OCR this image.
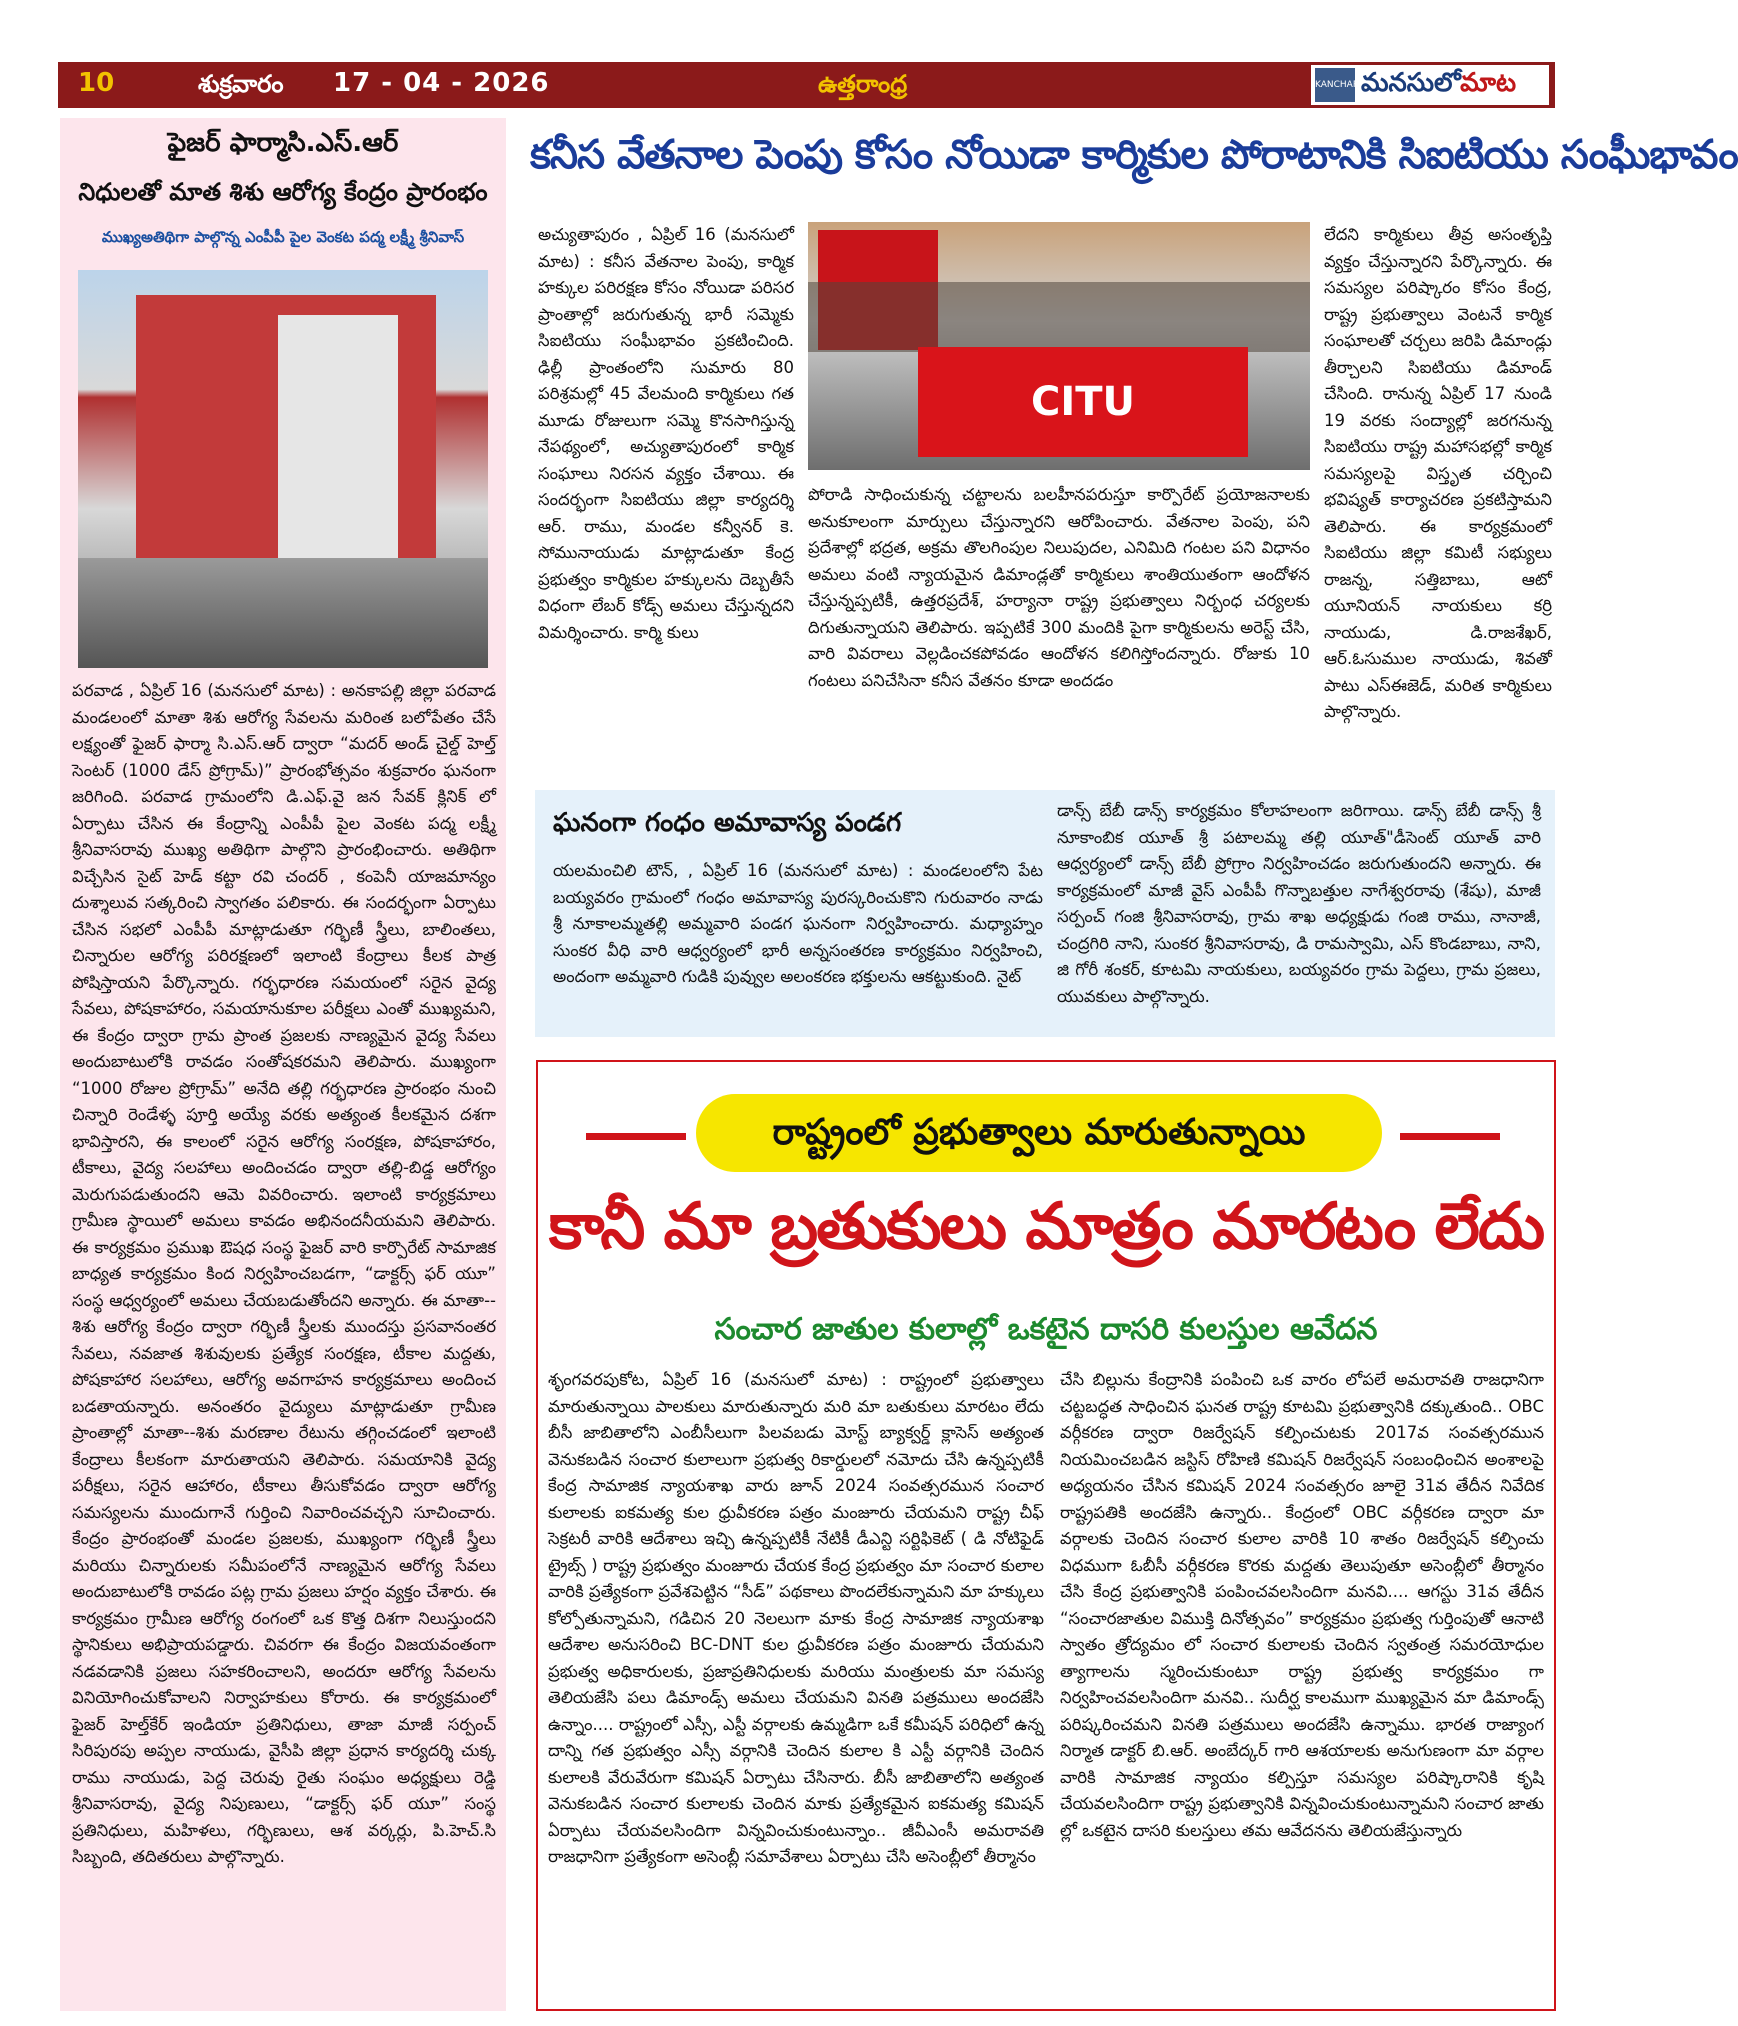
10	శుక్రవారం 17 - 04 - 2026	ఉత్తరాంధ్ర	KANCHARLA
మనసులోమాట
ఫైజర్ ఫార్మాసి.ఎస్.ఆర్
నిధులతో మాత శిశు ఆరోగ్య కేంద్రం ప్రారంభం
ముఖ్యఅతిథిగా పాల్గొన్న ఎంపీపీ పైల వెంకట పద్మ లక్ష్మీ శ్రీనివాస్
పరవాడ , ఏప్రిల్ 16 (మనసులో మాట) : అనకాపల్లి జిల్లా పరవాడ మండలంలో మాతా శిశు ఆరోగ్య సేవలను మరింత బలోపేతం చేసే లక్ష్యంతో ఫైజర్ ఫార్మా సి.ఎస్.ఆర్ ద్వారా “మదర్ అండ్ చైల్డ్ హెల్త్ సెంటర్ (1000 డేస్ ప్రోగ్రామ్)” ప్రారంభోత్సవం శుక్రవారం ఘనంగా జరిగింది. పరవాడ గ్రామంలోని డి.ఎఫ్.వై జన సేవక్ క్లినిక్ లో ఏర్పాటు చేసిన ఈ కేంద్రాన్ని ఎంపీపీ పైల వెంకట పద్మ లక్ష్మీ శ్రీనివాసరావు ముఖ్య అతిథిగా పాల్గొని ప్రారంభించారు. అతిథిగా విచ్చేసిన సైట్ హెడ్ కట్టా రవి చందర్ , కంపెనీ యాజమాన్యం దుశ్శాలువ సత్కరించి స్వాగతం పలికారు. ఈ సందర్భంగా ఏర్పాటు చేసిన సభలో ఎంపీపీ మాట్లాడుతూ గర్భిణీ స్త్రీలు, బాలింతలు, చిన్నారుల ఆరోగ్య పరిరక్షణలో ఇలాంటి కేంద్రాలు కీలక పాత్ర పోషిస్తాయని పేర్కొన్నారు. గర్భధారణ సమయంలో సరైన వైద్య సేవలు, పోషకాహారం, సమయానుకూల పరీక్షలు ఎంతో ముఖ్యమని, ఈ కేంద్రం ద్వారా గ్రామ ప్రాంత ప్రజలకు నాణ్యమైన వైద్య సేవలు అందుబాటులోకి రావడం సంతోషకరమని తెలిపారు. ముఖ్యంగా “1000 రోజుల ప్రోగ్రామ్” అనేది తల్లి గర్భధారణ ప్రారంభం నుంచి చిన్నారి రెండేళ్ళ పూర్తి అయ్యే వరకు అత్యంత కీలకమైన దశగా భావిస్తారని, ఈ కాలంలో సరైన ఆరోగ్య సంరక్షణ, పోషకాహారం, టీకాలు, వైద్య సలహాలు అందించడం ద్వారా తల్లి-బిడ్డ ఆరోగ్యం మెరుగుపడుతుందని ఆమె వివరించారు. ఇలాంటి కార్యక్రమాలు గ్రామీణ స్థాయిలో అమలు కావడం అభినందనీయమని తెలిపారు. ఈ కార్యక్రమం ప్రముఖ ఔషధ సంస్థ ఫైజర్ వారి కార్పొరేట్ సామాజిక బాధ్యత కార్యక్రమం కింద నిర్వహించబడగా, “డాక్టర్స్ ఫర్ యూ” సంస్థ ఆధ్వర్యంలో అమలు చేయబడుతోందని అన్నారు. ఈ మాతా--శిశు ఆరోగ్య కేంద్రం ద్వారా గర్భిణీ స్త్రీలకు ముందస్తు ప్రసవానంతర సేవలు, నవజాత శిశువులకు ప్రత్యేక సంరక్షణ, టీకాల మద్దతు, పోషకాహార సలహాలు, ఆరోగ్య అవగాహన కార్యక్రమాలు అందించ బడతాయన్నారు. అనంతరం వైద్యులు మాట్లాడుతూ గ్రామీణ ప్రాంతాల్లో మాతా--శిశు మరణాల రేటును తగ్గించడంలో ఇలాంటి కేంద్రాలు కీలకంగా మారుతాయని తెలిపారు. సమయానికి వైద్య పరీక్షలు, సరైన ఆహారం, టీకాలు తీసుకోవడం ద్వారా ఆరోగ్య సమస్యలను ముందుగానే గుర్తించి నివారించవచ్చని సూచించారు. కేంద్రం ప్రారంభంతో మండల ప్రజలకు, ముఖ్యంగా గర్భిణీ స్త్రీలు మరియు చిన్నారులకు సమీపంలోనే నాణ్యమైన ఆరోగ్య సేవలు అందుబాటులోకి రావడం పట్ల గ్రామ ప్రజలు హర్షం వ్యక్తం చేశారు. ఈ కార్యక్రమం గ్రామీణ ఆరోగ్య రంగంలో ఒక కొత్త దిశగా నిలుస్తుందని స్థానికులు అభిప్రాయపడ్డారు. చివరగా ఈ కేంద్రం విజయవంతంగా నడవడానికి ప్రజలు సహకరించాలని, అందరూ ఆరోగ్య సేవలను వినియోగించుకోవాలని నిర్వాహకులు కోరారు. ఈ కార్యక్రమంలో ఫైజర్ హెల్త్‌కేర్ ఇండియా ప్రతినిధులు, తాజా మాజీ సర్పంచ్ సిరిపురపు అప్పల నాయుడు, వైసీపి జిల్లా ప్రధాన కార్యదర్శి చుక్క రాము నాయుడు, పెద్ద చెరువు రైతు సంఘం అధ్యక్షులు రెడ్డి శ్రీనివాసరావు, వైద్య నిపుణులు, “డాక్టర్స్ ఫర్ యూ” సంస్థ ప్రతినిధులు, మహిళలు, గర్భిణులు, ఆశ వర్కర్లు, పి.హెచ్.సి సిబ్బంది, తదితరులు పాల్గొన్నారు.
కనీస వేతనాల పెంపు కోసం నోయిడా కార్మికుల పోరాటానికి సిఐటియు సంఘీభావం
అచ్యుతాపురం , ఏప్రిల్ 16 (మనసులో మాట) : కనీస వేతనాల పెంపు, కార్మిక హక్కుల పరిరక్షణ కోసం నోయిడా పరిసర ప్రాంతాల్లో జరుగుతున్న భారీ సమ్మెకు సిఐటియు సంఘీభావం ప్రకటించింది. ఢిల్లీ ప్రాంతంలోని సుమారు 80 పరిశ్రమల్లో 45 వేలమంది కార్మికులు గత మూడు రోజులుగా సమ్మె కొనసాగిస్తున్న నేపథ్యంలో, అచ్యుతాపురంలో కార్మిక సంఘాలు నిరసన వ్యక్తం చేశాయి. ఈ సందర్భంగా సిఐటియు జిల్లా కార్యదర్శి ఆర్. రాము, మండల కన్వీనర్ కె. సోమునాయుడు మాట్లాడుతూ కేంద్ర ప్రభుత్వం కార్మికుల హక్కులను దెబ్బతీసే విధంగా లేబర్ కోడ్స్ అమలు చేస్తున్నదని విమర్శించారు. కార్మి కులు
CITU
పోరాడి సాధించుకున్న చట్టాలను బలహీనపరుస్తూ కార్పొరేట్ ప్రయోజనాలకు అనుకూలంగా మార్పులు చేస్తున్నారని ఆరోపించారు. వేతనాల పెంపు, పని ప్రదేశాల్లో భద్రత, అక్రమ తొలగింపుల నిలుపుదల, ఎనిమిది గంటల పని విధానం అమలు వంటి న్యాయమైన డిమాండ్లతో కార్మికులు శాంతియుతంగా ఆందోళన చేస్తున్నప్పటికీ, ఉత్తరప్రదేశ్, హర్యానా రాష్ట్ర ప్రభుత్వాలు నిర్బంధ చర్యలకు దిగుతున్నాయని తెలిపారు. ఇప్పటికే 300 మందికి పైగా కార్మికులను అరెస్ట్ చేసి, వారి వివరాలు వెల్లడించకపోవడం ఆందోళన కలిగిస్తోందన్నారు. రోజుకు 10 గంటలు పనిచేసినా కనీస వేతనం కూడా అందడం
లేదని కార్మికులు తీవ్ర అసంతృప్తి వ్యక్తం చేస్తున్నారని పేర్కొన్నారు. ఈ సమస్యల పరిష్కారం కోసం కేంద్ర, రాష్ట్ర ప్రభుత్వాలు వెంటనే కార్మిక సంఘాలతో చర్చలు జరిపి డిమాండ్లు తీర్చాలని సిఐటియు డిమాండ్ చేసింది. రానున్న ఏప్రిల్ 17 నుండి 19 వరకు సంద్యాల్లో జరగనున్న సిఐటియు రాష్ట్ర మహాసభల్లో కార్మిక సమస్యలపై విస్తృత చర్చించి భవిష్యత్ కార్యాచరణ ప్రకటిస్తామని తెలిపారు. ఈ కార్యక్రమంలో సిఐటియు జిల్లా కమిటీ సభ్యులు రాజన్న, సత్తిబాబు, ఆటో యూనియన్ నాయకులు కర్రి నాయుడు, డి.రాజశేఖర్, ఆర్.ఓసుముల నాయుడు, శివతో పాటు ఎస్ఈజెడ్, మరిత కార్మికులు పాల్గొన్నారు.
ఘనంగా గంధం అమావాస్య పండగ
యలమంచిలి టౌన్, , ఏప్రిల్ 16 (మనసులో మాట) : మండలంలోని పేట బయ్యవరం గ్రామంలో గంధం అమావాస్య పురస్కరించుకొని గురువారం నాడు శ్రీ నూకాలమ్మతల్లి అమ్మవారి పండగ ఘనంగా నిర్వహించారు. మధ్యాహ్నం సుంకర వీధి వారి ఆధ్వర్యంలో భారీ అన్నసంతరణ కార్యక్రమం నిర్వహించి, అందంగా అమ్మవారి గుడికి పువ్వుల అలంకరణ భక్తులను ఆకట్టుకుంది. నైట్
డాన్స్ బేబీ డాన్స్ కార్యక్రమం కోలాహలంగా జరిగాయి. డాన్స్ బేబీ డాన్స్ శ్రీ నూకాంబిక యూత్ శ్రీ పటాలమ్మ తల్లి యూత్"డీసెంట్ యూత్ వారి ఆధ్వర్యంలో డాన్స్ బేబీ ప్రోగ్రాం నిర్వహించడం జరుగుతుందని అన్నారు. ఈ కార్యక్రమంలో మాజీ వైస్ ఎంపీపీ గొన్నాబత్తుల నాగేశ్వరరావు (శేషు), మాజీ సర్పంచ్ గంజి శ్రీనివాసరావు, గ్రామ శాఖ అధ్యక్షుడు గంజి రాము, నానాజీ, చంద్రగిరి నాని, సుంకర శ్రీనివాసరావు, డి రామస్వామి, ఎస్ కొండబాబు, నాని, జి గోరీ శంకర్, కూటమి నాయకులు, బయ్యవరం గ్రామ పెద్దలు, గ్రామ ప్రజలు, యువకులు పాల్గొన్నారు.
రాష్ట్రంలో ప్రభుత్వాలు మారుతున్నాయి
కానీ మా బ్రతుకులు మాత్రం మారటం లేదు
సంచార జాతుల కులాల్లో ఒకటైన దాసరి కులస్తుల ఆవేదన
శృంగవరపుకోట, ఏప్రిల్ 16 (మనసులో మాట) : రాష్ట్రంలో ప్రభుత్వాలు మారుతున్నాయి పాలకులు మారుతున్నారు మరి మా బతుకులు మారటం లేదు బీసీ జాబితాలోని ఎంబీసీలుగా పిలవబడు మోస్ట్ బ్యాక్వర్డ్ క్లాసెస్ అత్యంత వెనుకబడిన సంచార కులాలుగా ప్రభుత్వ రికార్డులలో నమోదు చేసి ఉన్నప్పటికీ కేంద్ర సామాజిక న్యాయశాఖ వారు జూన్ 2024 సంవత్సరమున సంచార కులాలకు ఐకమత్య కుల ధ్రువీకరణ పత్రం మంజూరు చేయమని రాష్ట్ర చీఫ్ సెక్రటరీ వారికి ఆదేశాలు ఇచ్చి ఉన్నప్పటికీ నేటికీ డీఎన్టి సర్టిఫికెట్ ( డి నోటిఫైడ్ ట్రైబ్స్ ) రాష్ట్ర ప్రభుత్వం మంజూరు చేయక కేంద్ర ప్రభుత్వం మా సంచార కులాల వారికి ప్రత్యేకంగా ప్రవేశపెట్టిన “సీడ్” పథకాలు పొందలేకున్నామని మా హక్కులు కోల్పోతున్నామని, గడిచిన 20 నెలలుగా మాకు కేంద్ర సామాజిక న్యాయశాఖ ఆదేశాల అనుసరించి BC-DNT కుల ధ్రువీకరణ పత్రం మంజూరు చేయమని ప్రభుత్వ అధికారులకు, ప్రజాప్రతినిధులకు మరియు మంత్రులకు మా సమస్య తెలియజేసి పలు డిమాండ్స్ అమలు చేయమని వినతి పత్రములు అందజేసి ఉన్నాం.... రాష్ట్రంలో ఎస్సీ, ఎస్టీ వర్గాలకు ఉమ్మడిగా ఒకే కమీషన్ పరిధిలో ఉన్న దాన్ని గత ప్రభుత్వం ఎస్సీ వర్గానికి చెందిన కులాల కి ఎస్టీ వర్గానికి చెందిన కులాలకి వేరువేరుగా కమిషన్ ఏర్పాటు చేసినారు. బీసీ జాబితాలోని అత్యంత వెనుకబడిన సంచార కులాలకు చెందిన మాకు ప్రత్యేకమైన ఐకమత్య కమిషన్ ఏర్పాటు చేయవలసిందిగా విన్నవించుకుంటున్నాం.. జీవీఎంసీ అమరావతి రాజధానిగా ప్రత్యేకంగా అసెంబ్లీ సమావేశాలు ఏర్పాటు చేసి అసెంబ్లీలో తీర్మానం
చేసి బిల్లును కేంద్రానికి పంపించి ఒక వారం లోపలే అమరావతి రాజధానిగా చట్టబద్ధత సాధించిన ఘనత రాష్ట్ర కూటమి ప్రభుత్వానికి దక్కుతుంది.. OBC వర్గీకరణ ద్వారా రిజర్వేషన్ కల్పించుటకు 2017వ సంవత్సరమున నియమించబడిన జస్టిస్ రోహిణి కమిషన్ రిజర్వేషన్ సంబంధించిన అంశాలపై అధ్యయనం చేసిన కమిషన్ 2024 సంవత్సరం జూలై 31వ తేదీన నివేదిక రాష్ట్రపతికి అందజేసి ఉన్నారు.. కేంద్రంలో OBC వర్గీకరణ ద్వారా మా వర్గాలకు చెందిన సంచార కులాల వారికి 10 శాతం రిజర్వేషన్ కల్పించు విధముగా ఓబీసీ వర్గీకరణ కొరకు మద్దతు తెలుపుతూ అసెంబ్లీలో తీర్మానం చేసి కేంద్ర ప్రభుత్వానికి పంపించవలసిందిగా మనవి.... ఆగస్టు 31వ తేదీన “సంచారజాతుల విముక్తి దినోత్సవం” కార్యక్రమం ప్రభుత్వ గుర్తింపుతో ఆనాటి స్వాతం త్రోద్యమం లో సంచార కులాలకు చెందిన స్వతంత్ర సమరయోధుల త్యాగాలను స్మరించుకుంటూ రాష్ట్ర ప్రభుత్వ కార్యక్రమం గా నిర్వహించవలసిందిగా మనవి.. సుదీర్ఘ కాలముగా ముఖ్యమైన మా డిమాండ్స్ పరిష్కరించమని వినతి పత్రములు అందజేసి ఉన్నాము. భారత రాజ్యాంగ నిర్మాత డాక్టర్ బి.ఆర్. అంబేద్కర్ గారి ఆశయాలకు అనుగుణంగా మా వర్గాల వారికి సామాజిక న్యాయం కల్పిస్తూ సమస్యల పరిష్కారానికి కృషి చేయవలసిందిగా రాష్ట్ర ప్రభుత్వానికి విన్నవించుకుంటున్నామని సంచార జాతు ల్లో ఒకటైన దాసరి కులస్తులు తమ ఆవేదనను తెలియజేస్తున్నారు
